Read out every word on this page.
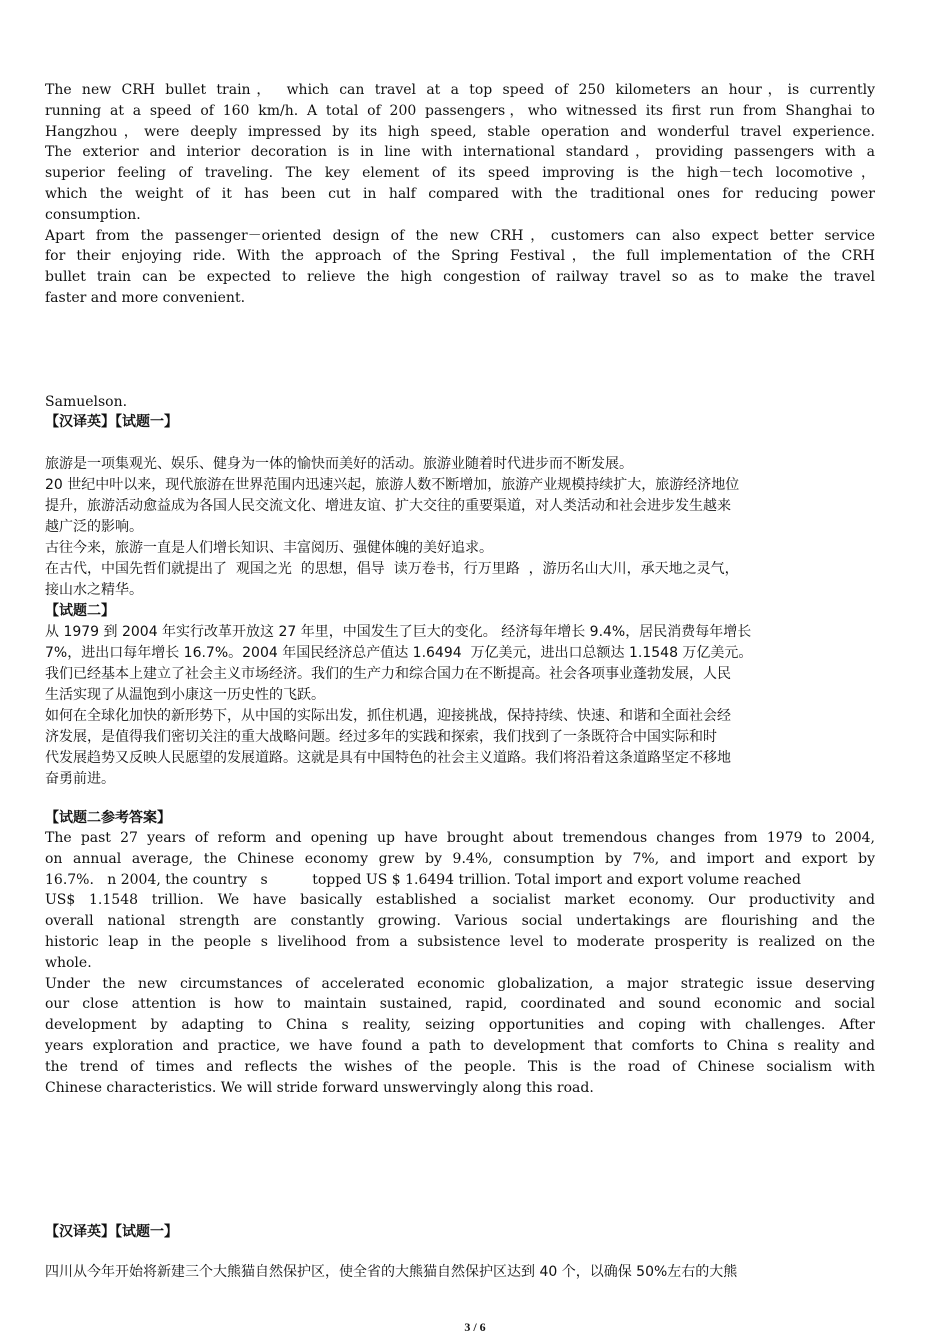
The new CRH bullet train， which can travel at a top speed of 250 kilometers an hour，is currently
running at a speed of 160 km/h. A total of 200 passengers，who witnessed its first run from Shanghai to
Hangzhou，were deeply impressed by its high speed, stable operation and wonderful travel experience.
The exterior and interior decoration is in line with international standard，providing passengers with a
superior feeling of traveling. The key element of its speed improving is the high－tech locomotive，
which the weight of it has been cut in half compared with the traditional ones for reducing power
consumption.
Apart from the passenger－oriented design of the new CRH，customers can also expect better service
for their enjoying ride. With the approach of the Spring Festival，the full implementation of the CRH
bullet train can be expected to relieve the high congestion of railway travel so as to make the travel
faster and more convenient.
Samuelson.
【汉译英】【试题一】
旅游是一项集观光、娱乐、健身为一体的愉快而美好的活动。旅游业随着时代进步而不断发展。
20 世纪中叶以来，现代旅游在世界范围内迅速兴起，旅游人数不断增加，旅游产业规模持续扩大，旅游经济地位
提升，旅游活动愈益成为各国人民交流文化、增进友谊、扩大交往的重要渠道，对人类活动和社会进步发生越来
越广泛的影响。
古往今来，旅游一直是人们增长知识、丰富阅历、强健体魄的美好追求。
在古代，中国先哲们就提出了  观国之光  的思想，倡导  读万卷书，行万里路  ，游历名山大川，承天地之灵气，
接山水之精华。
【试题二】
从 1979 到 2004 年实行改革开放这 27 年里，中国发生了巨大的变化。 经济每年增长 9.4%，居民消费每年增长
7%，进出口每年增长 16.7%。2004 年国民经济总产值达 1.6494  万亿美元，进出口总额达 1.1548 万亿美元。
我们已经基本上建立了社会主义市场经济。我们的生产力和综合国力在不断提高。社会各项事业蓬勃发展，人民
生活实现了从温饱到小康这一历史性的飞跃。
如何在全球化加快的新形势下，从中国的实际出发，抓住机遇，迎接挑战，保持持续、快速、和谐和全面社会经
济发展，是值得我们密切关注的重大战略问题。经过多年的实践和探索，我们找到了一条既符合中国实际和时
代发展趋势又反映人民愿望的发展道路。这就是具有中国特色的社会主义道路。我们将沿着这条道路坚定不移地
奋勇前进。
【试题二参考答案】
The past 27 years of reform and opening up have brought about tremendous changes from 1979 to 2004,
on annual average, the Chinese economy grew by 9.4%, consumption by 7%, and import and export by
16.7%.   n 2004, the country   s          topped US $ 1.6494 trillion. Total import and export volume reached
US$ 1.1548 trillion. We have basically established a socialist market economy. Our productivity and
overall national strength are constantly growing. Various social undertakings are flourishing and the
historic leap in the people s livelihood from a subsistence level to moderate prosperity is realized on the
whole.
Under the new circumstances of accelerated economic globalization, a major strategic issue deserving
our close attention is how to maintain sustained, rapid, coordinated and sound economic and social
development by adapting to China s reality, seizing opportunities and coping with challenges. After
years exploration and practice, we have found a path to development that comforts to China s reality and
the trend of times and reflects the wishes of the people. This is the road of Chinese socialism with
Chinese characteristics. We will stride forward unswervingly along this road.
【汉译英】【试题一】
四川从今年开始将新建三个大熊猫自然保护区，使全省的大熊猫自然保护区达到 40 个，以确保 50%左右的大熊
3 / 6
